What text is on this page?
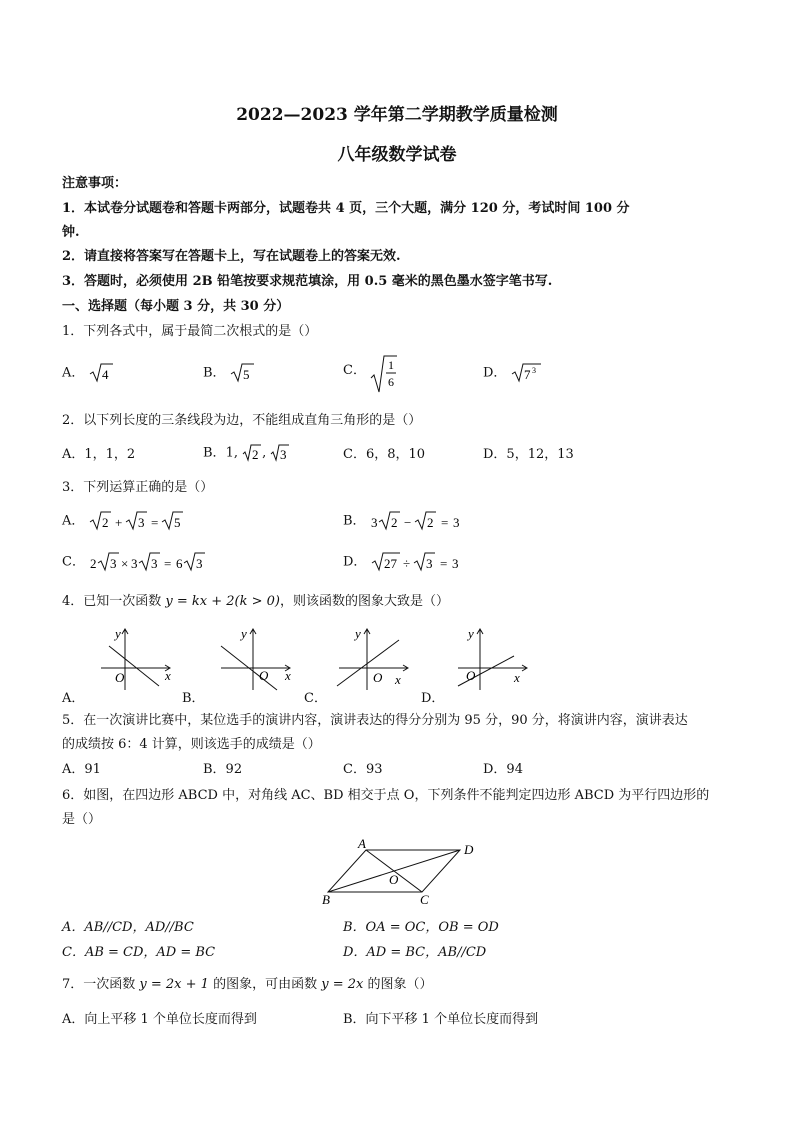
2022—2023 学年第二学期教学质量检测
八年级数学试卷
注意事项：
1．本试卷分试题卷和答题卡两部分，试题卷共 4 页，三个大题，满分 120 分，考试时间 100 分
钟.
2．请直接将答案写在答题卡上，写在试题卷上的答案无效.
3．答题时，必须使用 2B 铅笔按要求规范填涂，用 0.5 毫米的黑色墨水签字笔书写.
一、选择题（每小题 3 分，共 30 分）
1．下列各式中，属于最简二次根式的是（）
A． 4	B． 5	C． 1
6
D． 7 3
2．以下列长度的三条线段为边，不能组成直角三角形的是（）
A．1，1，2	B．1, 2 , 3	C．6，8，10	D．5，12，13
3．下列运算正确的是（）
A． 2 + 3 = 5	B． 3 2 − 2 = 3
C． 2 3 × 3 3 = 6 3	D． 27 ÷ 3 = 3
4．已知一次函数 y = kx + 2(k > 0)，则该函数的图象大致是（）
y
x
O
A．
y
x
O
B．
y
x
O
C．
y
x
O
D．
5．在一次演讲比赛中，某位选手的演讲内容，演讲表达的得分分别为 95 分，90 分，将演讲内容，演讲表达
的成绩按 6：4 计算，则该选手的成绩是（）
A．91	B．92	C．93	D．94
6．如图，在四边形 ABCD 中，对角线 AC、BD 相交于点 O，下列条件不能判定四边形 ABCD 为平行四边形的
是（）
A	D
B	C
O
A．AB//CD，AD//BC	B．OA = OC，OB = OD
C．AB = CD，AD = BC	D．AD = BC，AB//CD
7．一次函数 y = 2x + 1 的图象，可由函数 y = 2x 的图象（）
A．向上平移 1 个单位长度而得到	B．向下平移 1 个单位长度而得到
